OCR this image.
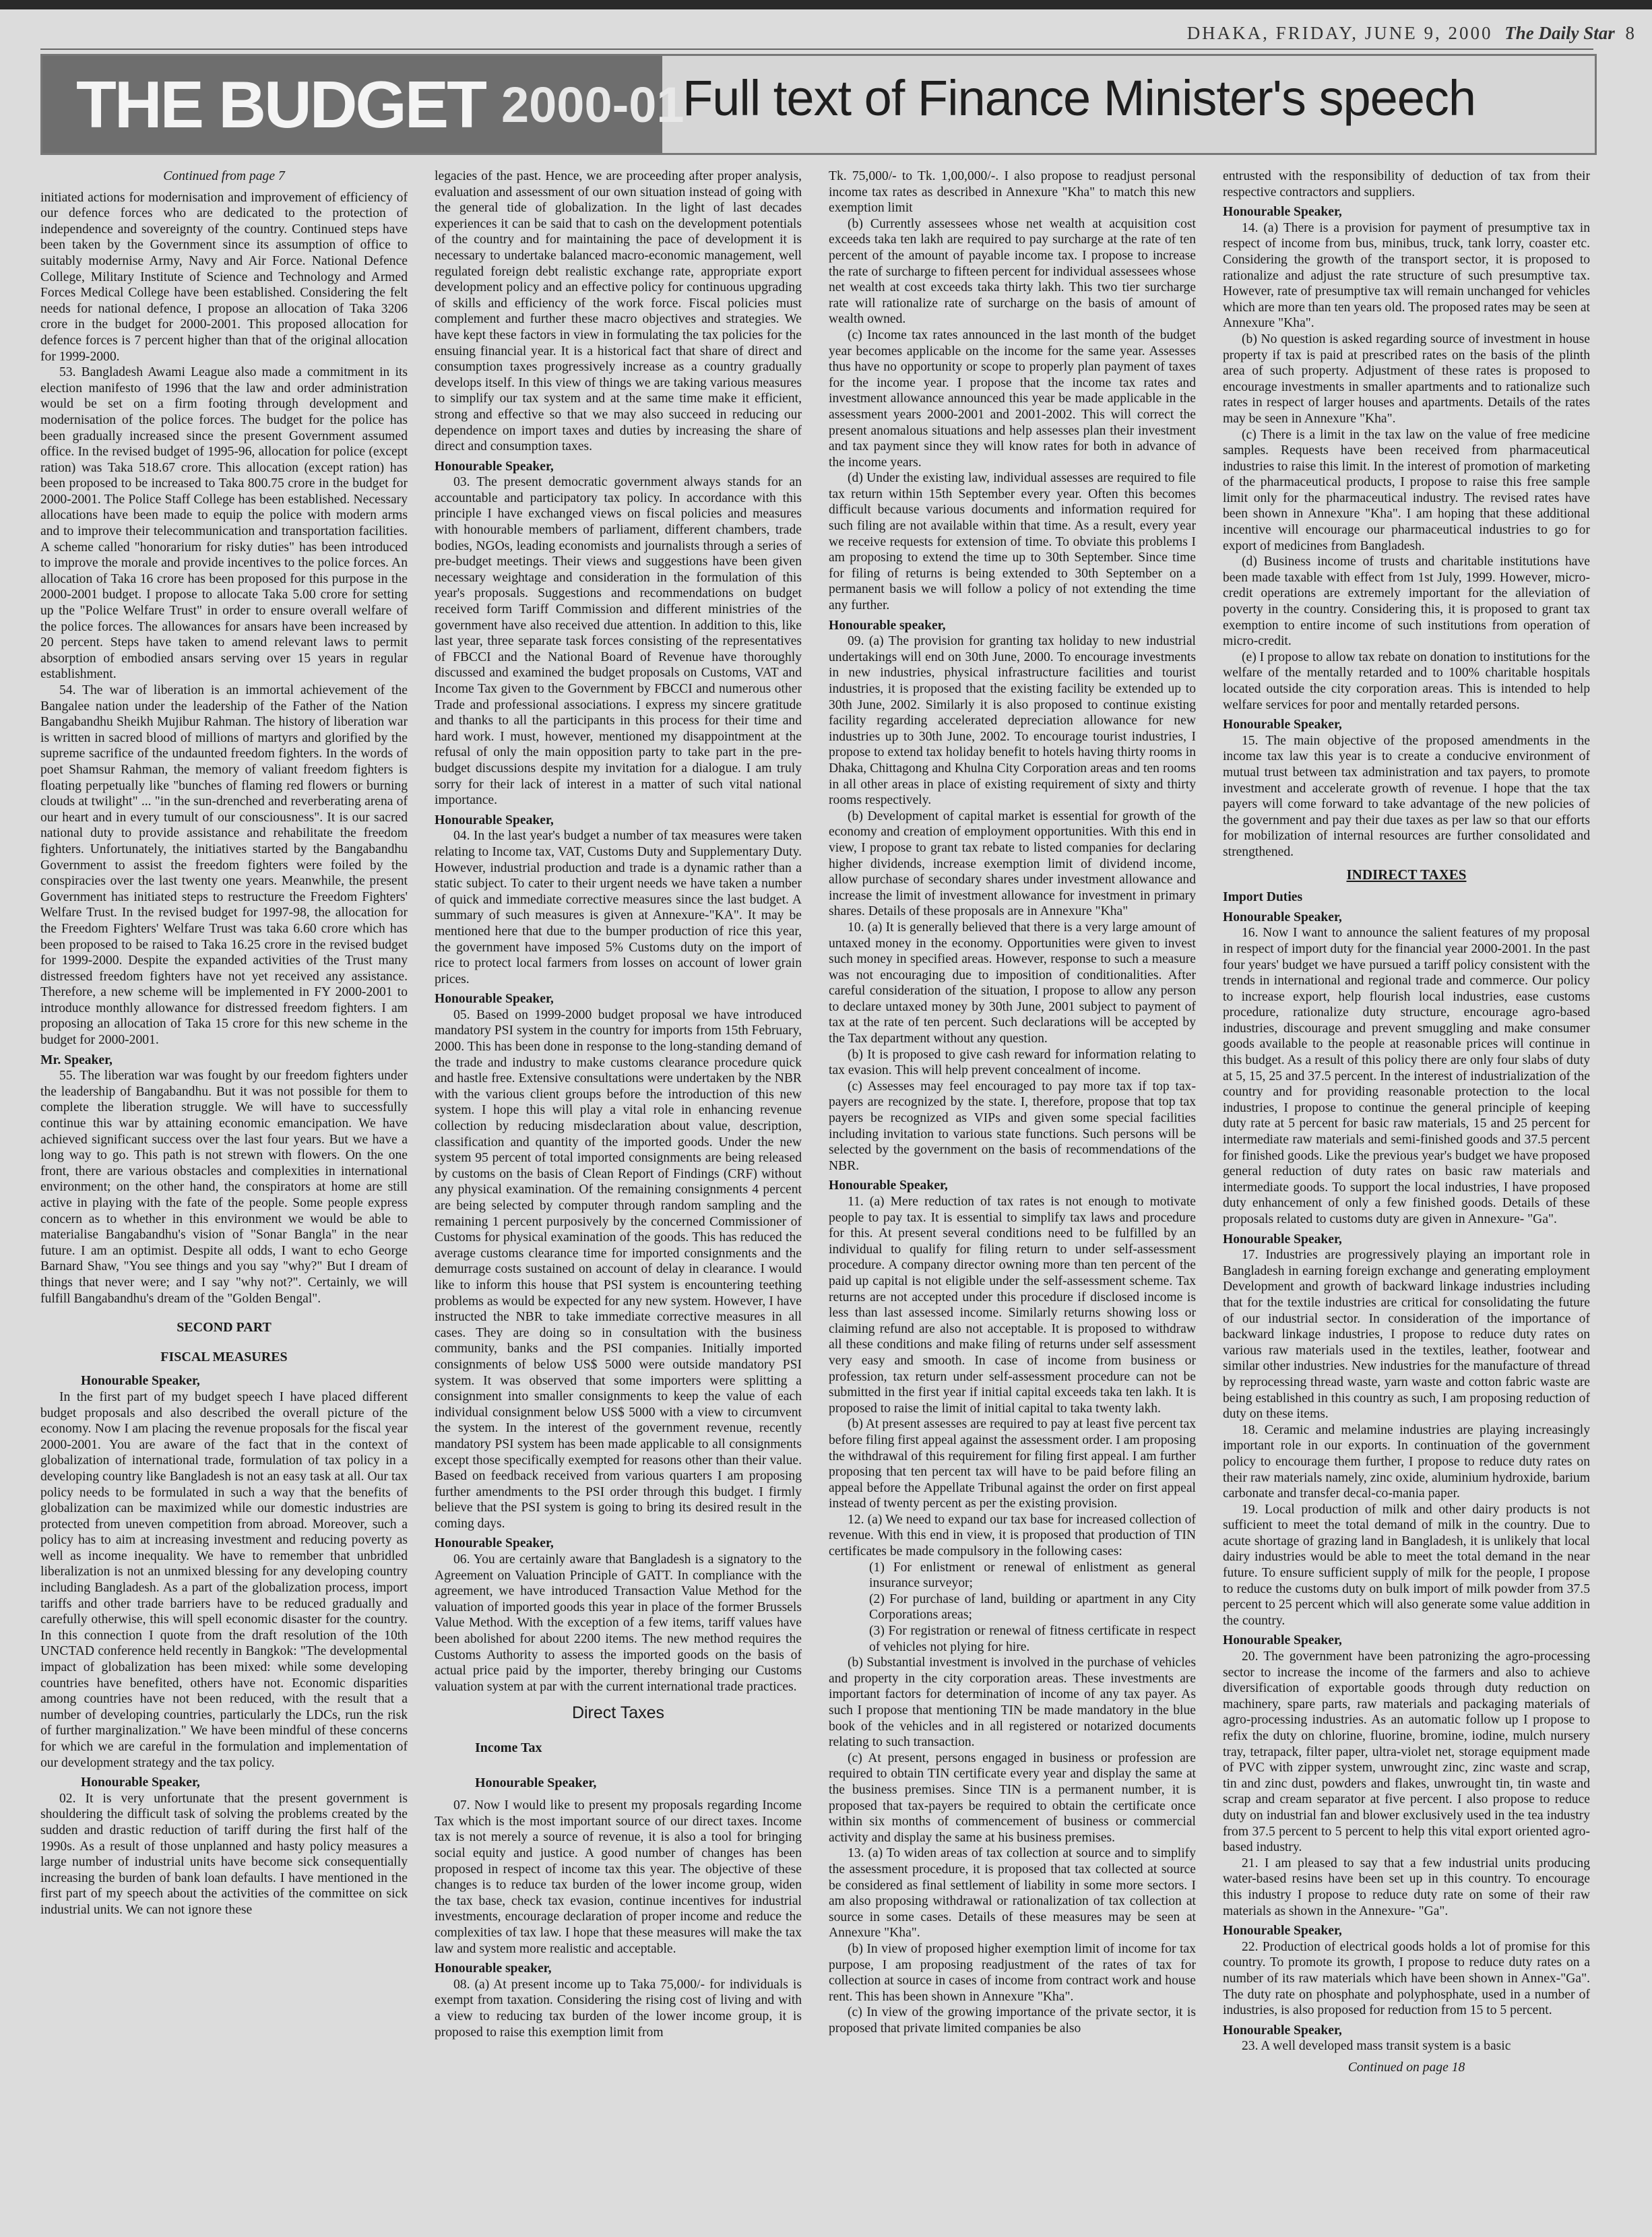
DHAKA, FRIDAY, JUNE 9, 2000 The Daily Star 8
THE BUDGET 2000-01
Full text of Finance Minister's speech

Continued from page 7

initiated actions for modernisation and improvement of efficiency of our defence forces who are dedicated to the protection of independence and sovereignty of the country. Continued steps have been taken by the Government since its assumption of office to suitably modernise Army, Navy and Air Force. National Defence College, Military Institute of Science and Technology and Armed Forces Medical College have been established. Considering the felt needs for national defence, I propose an allocation of Taka 3206 crore in the budget for 2000-2001. This proposed allocation for defence forces is 7 percent higher than that of the original allocation for 1999-2000.

53. Bangladesh Awami League also made a commitment in its election manifesto of 1996 that the law and order administration would be set on a firm footing through development and modernisation of the police forces. The budget for the police has been gradually increased since the present Government assumed office. In the revised budget of 1995-96, allocation for police (except ration) was Taka 518.67 crore. This allocation (except ration) has been proposed to be increased to Taka 800.75 crore in the budget for 2000-2001. The Police Staff College has been established. Necessary allocations have been made to equip the police with modern arms and to improve their telecommunication and transportation facilities. A scheme called "honorarium for risky duties" has been introduced to improve the morale and provide incentives to the police forces. An allocation of Taka 16 crore has been proposed for this purpose in the 2000-2001 budget. I propose to allocate Taka 5.00 crore for setting up the "Police Welfare Trust" in order to ensure overall welfare of the police forces. The allowances for ansars have been increased by 20 percent. Steps have taken to amend relevant laws to permit absorption of embodied ansars serving over 15 years in regular establishment.

54. The war of liberation is an immortal achievement of the Bangalee nation under the leadership of the Father of the Nation Bangabandhu Sheikh Mujibur Rahman. The history of liberation war is written in sacred blood of millions of martyrs and glorified by the supreme sacrifice of the undaunted freedom fighters. In the words of poet Shamsur Rahman, the memory of valiant freedom fighters is floating perpetually like "bunches of flaming red flowers or burning clouds at twilight" ... "in the sun-drenched and reverberating arena of our heart and in every tumult of our consciousness". It is our sacred national duty to provide assistance and rehabilitate the freedom fighters. Unfortunately, the initiatives started by the Bangabandhu Government to assist the freedom fighters were foiled by the conspiracies over the last twenty one years. Meanwhile, the present Government has initiated steps to restructure the Freedom Fighters' Welfare Trust. In the revised budget for 1997-98, the allocation for the Freedom Fighters' Welfare Trust was taka 6.60 crore which has been proposed to be raised to Taka 16.25 crore in the revised budget for 1999-2000. Despite the expanded activities of the Trust many distressed freedom fighters have not yet received any assistance. Therefore, a new scheme will be implemented in FY 2000-2001 to introduce monthly allowance for distressed freedom fighters. I am proposing an allocation of Taka 15 crore for this new scheme in the budget for 2000-2001.

Mr. Speaker,

55. The liberation war was fought by our freedom fighters under the leadership of Bangabandhu. But it was not possible for them to complete the liberation struggle. We will have to successfully continue this war by attaining economic emancipation. We have achieved significant success over the last four years. But we have a long way to go. This path is not strewn with flowers. On the one front, there are various obstacles and complexities in international environment; on the other hand, the conspirators at home are still active in playing with the fate of the people. Some people express concern as to whether in this environment we would be able to materialise Bangabandhu's vision of "Sonar Bangla" in the near future. I am an optimist. Despite all odds, I want to echo George Barnard Shaw, "You see things and you say "why?" But I dream of things that never were; and I say "why not?". Certainly, we will fulfill Bangabandhu's dream of the "Golden Bengal".

SECOND PART

FISCAL MEASURES

Honourable Speaker,

In the first part of my budget speech I have placed different budget proposals and also described the overall picture of the economy. Now I am placing the revenue proposals for the fiscal year 2000-2001. You are aware of the fact that in the context of globalization of international trade, formulation of tax policy in a developing country like Bangladesh is not an easy task at all. Our tax policy needs to be formulated in such a way that the benefits of globalization can be maximized while our domestic industries are protected from uneven competition from abroad. Moreover, such a policy has to aim at increasing investment and reducing poverty as well as income inequality. We have to remember that unbridled liberalization is not an unmixed blessing for any developing country including Bangladesh. As a part of the globalization process, import tariffs and other trade barriers have to be reduced gradually and carefully otherwise, this will spell economic disaster for the country. In this connection I quote from the draft resolution of the 10th UNCTAD conference held recently in Bangkok: "The developmental impact of globalization has been mixed: while some developing countries have benefited, others have not. Economic disparities among countries have not been reduced, with the result that a number of developing countries, particularly the LDCs, run the risk of further marginalization." We have been mindful of these concerns for which we are careful in the formulation and implementation of our development strategy and the tax policy.

Honourable Speaker,

02. It is very unfortunate that the present government is shouldering the difficult task of solving the problems created by the sudden and drastic reduction of tariff during the first half of the 1990s. As a result of those unplanned and hasty policy measures a large number of industrial units have become sick consequentially increasing the burden of bank loan defaults. I have mentioned in the first part of my speech about the activities of the committee on sick industrial units. We can not ignore these

legacies of the past. Hence, we are proceeding after proper analysis, evaluation and assessment of our own situation instead of going with the general tide of globalization. In the light of last decades experiences it can be said that to cash on the development potentials of the country and for maintaining the pace of development it is necessary to undertake balanced macro-economic management, well regulated foreign debt realistic exchange rate, appropriate export development policy and an effective policy for continuous upgrading of skills and efficiency of the work force. Fiscal policies must complement and further these macro objectives and strategies. We have kept these factors in view in formulating the tax policies for the ensuing financial year. It is a historical fact that share of direct and consumption taxes progressively increase as a country gradually develops itself. In this view of things we are taking various measures to simplify our tax system and at the same time make it efficient, strong and effective so that we may also succeed in reducing our dependence on import taxes and duties by increasing the share of direct and consumption taxes.

Honourable Speaker,

03. The present democratic government always stands for an accountable and participatory tax policy. In accordance with this principle I have exchanged views on fiscal policies and measures with honourable members of parliament, different chambers, trade bodies, NGOs, leading economists and journalists through a series of pre-budget meetings. Their views and suggestions have been given necessary weightage and consideration in the formulation of this year's proposals. Suggestions and recommendations on budget received form Tariff Commission and different ministries of the government have also received due attention. In addition to this, like last year, three separate task forces consisting of the representatives of FBCCI and the National Board of Revenue have thoroughly discussed and examined the budget proposals on Customs, VAT and Income Tax given to the Government by FBCCI and numerous other Trade and professional associations. I express my sincere gratitude and thanks to all the participants in this process for their time and hard work. I must, however, mentioned my disappointment at the refusal of only the main opposition party to take part in the pre-budget discussions despite my invitation for a dialogue. I am truly sorry for their lack of interest in a matter of such vital national importance.

Honourable Speaker,

04. In the last year's budget a number of tax measures were taken relating to Income tax, VAT, Customs Duty and Supplementary Duty. However, industrial production and trade is a dynamic rather than a static subject. To cater to their urgent needs we have taken a number of quick and immediate corrective measures since the last budget. A summary of such measures is given at Annexure-"KA". It may be mentioned here that due to the bumper production of rice this year, the government have imposed 5% Customs duty on the import of rice to protect local farmers from losses on account of lower grain prices.

Honourable Speaker,

05. Based on 1999-2000 budget proposal we have introduced mandatory PSI system in the country for imports from 15th February, 2000. This has been done in response to the long-standing demand of the trade and industry to make customs clearance procedure quick and hastle free. Extensive consultations were undertaken by the NBR with the various client groups before the introduction of this new system. I hope this will play a vital role in enhancing revenue collection by reducing misdeclaration about value, description, classification and quantity of the imported goods. Under the new system 95 percent of total imported consignments are being released by customs on the basis of Clean Report of Findings (CRF) without any physical examination. Of the remaining consignments 4 percent are being selected by computer through random sampling and the remaining 1 percent purposively by the concerned Commissioner of Customs for physical examination of the goods. This has reduced the average customs clearance time for imported consignments and the demurrage costs sustained on account of delay in clearance. I would like to inform this house that PSI system is encountering teething problems as would be expected for any new system. However, I have instructed the NBR to take immediate corrective measures in all cases. They are doing so in consultation with the business community, banks and the PSI companies. Initially imported consignments of below US$ 5000 were outside mandatory PSI system. It was observed that some importers were splitting a consignment into smaller consignments to keep the value of each individual consignment below US$ 5000 with a view to circumvent the system. In the interest of the government revenue, recently mandatory PSI system has been made applicable to all consignments except those specifically exempted for reasons other than their value. Based on feedback received from various quarters I am proposing further amendments to the PSI order through this budget. I firmly believe that the PSI system is going to bring its desired result in the coming days.

Honourable Speaker,

06. You are certainly aware that Bangladesh is a signatory to the Agreement on Valuation Principle of GATT. In compliance with the agreement, we have introduced Transaction Value Method for the valuation of imported goods this year in place of the former Brussels Value Method. With the exception of a few items, tariff values have been abolished for about 2200 items. The new method requires the Customs Authority to assess the imported goods on the basis of actual price paid by the importer, thereby bringing our Customs valuation system at par with the current international trade practices.

Direct Taxes

Income Tax

Honourable Speaker,

07. Now I would like to present my proposals regarding Income Tax which is the most important source of our direct taxes. Income tax is not merely a source of revenue, it is also a tool for bringing social equity and justice. A good number of changes has been proposed in respect of income tax this year. The objective of these changes is to reduce tax burden of the lower income group, widen the tax base, check tax evasion, continue incentives for industrial investments, encourage declaration of proper income and reduce the complexities of tax law. I hope that these measures will make the tax law and system more realistic and acceptable.

Honourable speaker,

08. (a) At present income up to Taka 75,000/- for individuals is exempt from taxation. Considering the rising cost of living and with a view to reducing tax burden of the lower income group, it is proposed to raise this exemption limit from

Tk. 75,000/- to Tk. 1,00,000/-. I also propose to readjust personal income tax rates as described in Annexure "Kha" to match this new exemption limit

(b) Currently assessees whose net wealth at acquisition cost exceeds taka ten lakh are required to pay surcharge at the rate of ten percent of the amount of payable income tax. I propose to increase the rate of surcharge to fifteen percent for individual assessees whose net wealth at cost exceeds taka thirty lakh. This two tier surcharge rate will rationalize rate of surcharge on the basis of amount of wealth owned.

(c) Income tax rates announced in the last month of the budget year becomes applicable on the income for the same year. Assesses thus have no opportunity or scope to properly plan payment of taxes for the income year. I propose that the income tax rates and investment allowance announced this year be made applicable in the assessment years 2000-2001 and 2001-2002. This will correct the present anomalous situations and help assesses plan their investment and tax payment since they will know rates for both in advance of the income years.

(d) Under the existing law, individual assesses are required to file tax return within 15th September every year. Often this becomes difficult because various documents and information required for such filing are not available within that time. As a result, every year we receive requests for extension of time. To obviate this problems I am proposing to extend the time up to 30th September. Since time for filing of returns is being extended to 30th September on a permanent basis we will follow a policy of not extending the time any further.

Honourable speaker,

09. (a) The provision for granting tax holiday to new industrial undertakings will end on 30th June, 2000. To encourage investments in new industries, physical infrastructure facilities and tourist industries, it is proposed that the existing facility be extended up to 30th June, 2002. Similarly it is also proposed to continue existing facility regarding accelerated depreciation allowance for new industries up to 30th June, 2002. To encourage tourist industries, I propose to extend tax holiday benefit to hotels having thirty rooms in Dhaka, Chittagong and Khulna City Corporation areas and ten rooms in all other areas in place of existing requirement of sixty and thirty rooms respectively.

(b) Development of capital market is essential for growth of the economy and creation of employment opportunities. With this end in view, I propose to grant tax rebate to listed companies for declaring higher dividends, increase exemption limit of dividend income, allow purchase of secondary shares under investment allowance and increase the limit of investment allowance for investment in primary shares. Details of these proposals are in Annexure "Kha"

10. (a) It is generally believed that there is a very large amount of untaxed money in the economy. Opportunities were given to invest such money in specified areas. However, response to such a measure was not encouraging due to imposition of conditionalities. After careful consideration of the situation, I propose to allow any person to declare untaxed money by 30th June, 2001 subject to payment of tax at the rate of ten percent. Such declarations will be accepted by the Tax department without any question.

(b) It is proposed to give cash reward for information relating to tax evasion. This will help prevent concealment of income.

(c) Assesses may feel encouraged to pay more tax if top tax-payers are recognized by the state. I, therefore, propose that top tax payers be recognized as VIPs and given some special facilities including invitation to various state functions. Such persons will be selected by the government on the basis of recommendations of the NBR.

Honourable Speaker,

11. (a) Mere reduction of tax rates is not enough to motivate people to pay tax. It is essential to simplify tax laws and procedure for this. At present several conditions need to be fulfilled by an individual to qualify for filing return to under self-assessment procedure. A company director owning more than ten percent of the paid up capital is not eligible under the self-assessment scheme. Tax returns are not accepted under this procedure if disclosed income is less than last assessed income. Similarly returns showing loss or claiming refund are also not acceptable. It is proposed to withdraw all these conditions and make filing of returns under self assessment very easy and smooth. In case of income from business or profession, tax return under self-assessment procedure can not be submitted in the first year if initial capital exceeds taka ten lakh. It is proposed to raise the limit of initial capital to taka twenty lakh.

(b) At present assesses are required to pay at least five percent tax before filing first appeal against the assessment order. I am proposing the withdrawal of this requirement for filing first appeal. I am further proposing that ten percent tax will have to be paid before filing an appeal before the Appellate Tribunal against the order on first appeal instead of twenty percent as per the existing provision.

12. (a) We need to expand our tax base for increased collection of revenue. With this end in view, it is proposed that production of TIN certificates be made compulsory in the following cases:

(1) For enlistment or renewal of enlistment as general insurance surveyor;

(2) For purchase of land, building or apartment in any City Corporations areas;

(3) For registration or renewal of fitness certificate in respect of vehicles not plying for hire.

(b) Substantial investment is involved in the purchase of vehicles and property in the city corporation areas. These investments are important factors for determination of income of any tax payer. As such I propose that mentioning TIN be made mandatory in the blue book of the vehicles and in all registered or notarized documents relating to such transaction.

(c) At present, persons engaged in business or profession are required to obtain TIN certificate every year and display the same at the business premises. Since TIN is a permanent number, it is proposed that tax-payers be required to obtain the certificate once within six months of commencement of business or commercial activity and display the same at his business premises.

13. (a) To widen areas of tax collection at source and to simplify the assessment procedure, it is proposed that tax collected at source be considered as final settlement of liability in some more sectors. I am also proposing withdrawal or rationalization of tax collection at source in some cases. Details of these measures may be seen at Annexure "Kha".

(b) In view of proposed higher exemption limit of income for tax purpose, I am proposing readjustment of the rates of tax for collection at source in cases of income from contract work and house rent. This has been shown in Annexure "Kha".

(c) In view of the growing importance of the private sector, it is proposed that private limited companies be also

entrusted with the responsibility of deduction of tax from their respective contractors and suppliers.

Honourable Speaker,

14. (a) There is a provision for payment of presumptive tax in respect of income from bus, minibus, truck, tank lorry, coaster etc. Considering the growth of the transport sector, it is proposed to rationalize and adjust the rate structure of such presumptive tax. However, rate of presumptive tax will remain unchanged for vehicles which are more than ten years old. The proposed rates may be seen at Annexure "Kha".

(b) No question is asked regarding source of investment in house property if tax is paid at prescribed rates on the basis of the plinth area of such property. Adjustment of these rates is proposed to encourage investments in smaller apartments and to rationalize such rates in respect of larger houses and apartments. Details of the rates may be seen in Annexure "Kha".

(c) There is a limit in the tax law on the value of free medicine samples. Requests have been received from pharmaceutical industries to raise this limit. In the interest of promotion of marketing of the pharmaceutical products, I propose to raise this free sample limit only for the pharmaceutical industry. The revised rates have been shown in Annexure "Kha". I am hoping that these additional incentive will encourage our pharmaceutical industries to go for export of medicines from Bangladesh.

(d) Business income of trusts and charitable institutions have been made taxable with effect from 1st July, 1999. However, micro-credit operations are extremely important for the alleviation of poverty in the country. Considering this, it is proposed to grant tax exemption to entire income of such institutions from operation of micro-credit.

(e) I propose to allow tax rebate on donation to institutions for the welfare of the mentally retarded and to 100% charitable hospitals located outside the city corporation areas. This is intended to help welfare services for poor and mentally retarded persons.

Honourable Speaker,

15. The main objective of the proposed amendments in the income tax law this year is to create a conducive environment of mutual trust between tax administration and tax payers, to promote investment and accelerate growth of revenue. I hope that the tax payers will come forward to take advantage of the new policies of the government and pay their due taxes as per law so that our efforts for mobilization of internal resources are further consolidated and strengthened.

INDIRECT TAXES

Import Duties

Honourable Speaker,

16. Now I want to announce the salient features of my proposal in respect of import duty for the financial year 2000-2001. In the past four years' budget we have pursued a tariff policy consistent with the trends in international and regional trade and commerce. Our policy to increase export, help flourish local industries, ease customs procedure, rationalize duty structure, encourage agro-based industries, discourage and prevent smuggling and make consumer goods available to the people at reasonable prices will continue in this budget. As a result of this policy there are only four slabs of duty at 5, 15, 25 and 37.5 percent. In the interest of industrialization of the country and for providing reasonable protection to the local industries, I propose to continue the general principle of keeping duty rate at 5 percent for basic raw materials, 15 and 25 percent for intermediate raw materials and semi-finished goods and 37.5 percent for finished goods. Like the previous year's budget we have proposed general reduction of duty rates on basic raw materials and intermediate goods. To support the local industries, I have proposed duty enhancement of only a few finished goods. Details of these proposals related to customs duty are given in Annexure- "Ga".

Honourable Speaker,

17. Industries are progressively playing an important role in Bangladesh in earning foreign exchange and generating employment Development and growth of backward linkage industries including that for the textile industries are critical for consolidating the future of our industrial sector. In consideration of the importance of backward linkage industries, I propose to reduce duty rates on various raw materials used in the textiles, leather, footwear and similar other industries. New industries for the manufacture of thread by reprocessing thread waste, yarn waste and cotton fabric waste are being established in this country as such, I am proposing reduction of duty on these items.

18. Ceramic and melamine industries are playing increasingly important role in our exports. In continuation of the government policy to encourage them further, I propose to reduce duty rates on their raw materials namely, zinc oxide, aluminium hydroxide, barium carbonate and transfer decal-co-mania paper.

19. Local production of milk and other dairy products is not sufficient to meet the total demand of milk in the country. Due to acute shortage of grazing land in Bangladesh, it is unlikely that local dairy industries would be able to meet the total demand in the near future. To ensure sufficient supply of milk for the people, I propose to reduce the customs duty on bulk import of milk powder from 37.5 percent to 25 percent which will also generate some value addition in the country.

Honourable Speaker,

20. The government have been patronizing the agro-processing sector to increase the income of the farmers and also to achieve diversification of exportable goods through duty reduction on machinery, spare parts, raw materials and packaging materials of agro-processing industries. As an automatic follow up I propose to refix the duty on chlorine, fluorine, bromine, iodine, mulch nursery tray, tetrapack, filter paper, ultra-violet net, storage equipment made of PVC with zipper system, unwrought zinc, zinc waste and scrap, tin and zinc dust, powders and flakes, unwrought tin, tin waste and scrap and cream separator at five percent. I also propose to reduce duty on industrial fan and blower exclusively used in the tea industry from 37.5 percent to 5 percent to help this vital export oriented agro-based industry.

21. I am pleased to say that a few industrial units producing water-based resins have been set up in this country. To encourage this industry I propose to reduce duty rate on some of their raw materials as shown in the Annexure- "Ga".

Honourable Speaker,

22. Production of electrical goods holds a lot of promise for this country. To promote its growth, I propose to reduce duty rates on a number of its raw materials which have been shown in Annex-"Ga". The duty rate on phosphate and polyphosphate, used in a number of industries, is also proposed for reduction from 15 to 5 percent.

Honourable Speaker,

23. A well developed mass transit system is a basic

Continued on page 18
